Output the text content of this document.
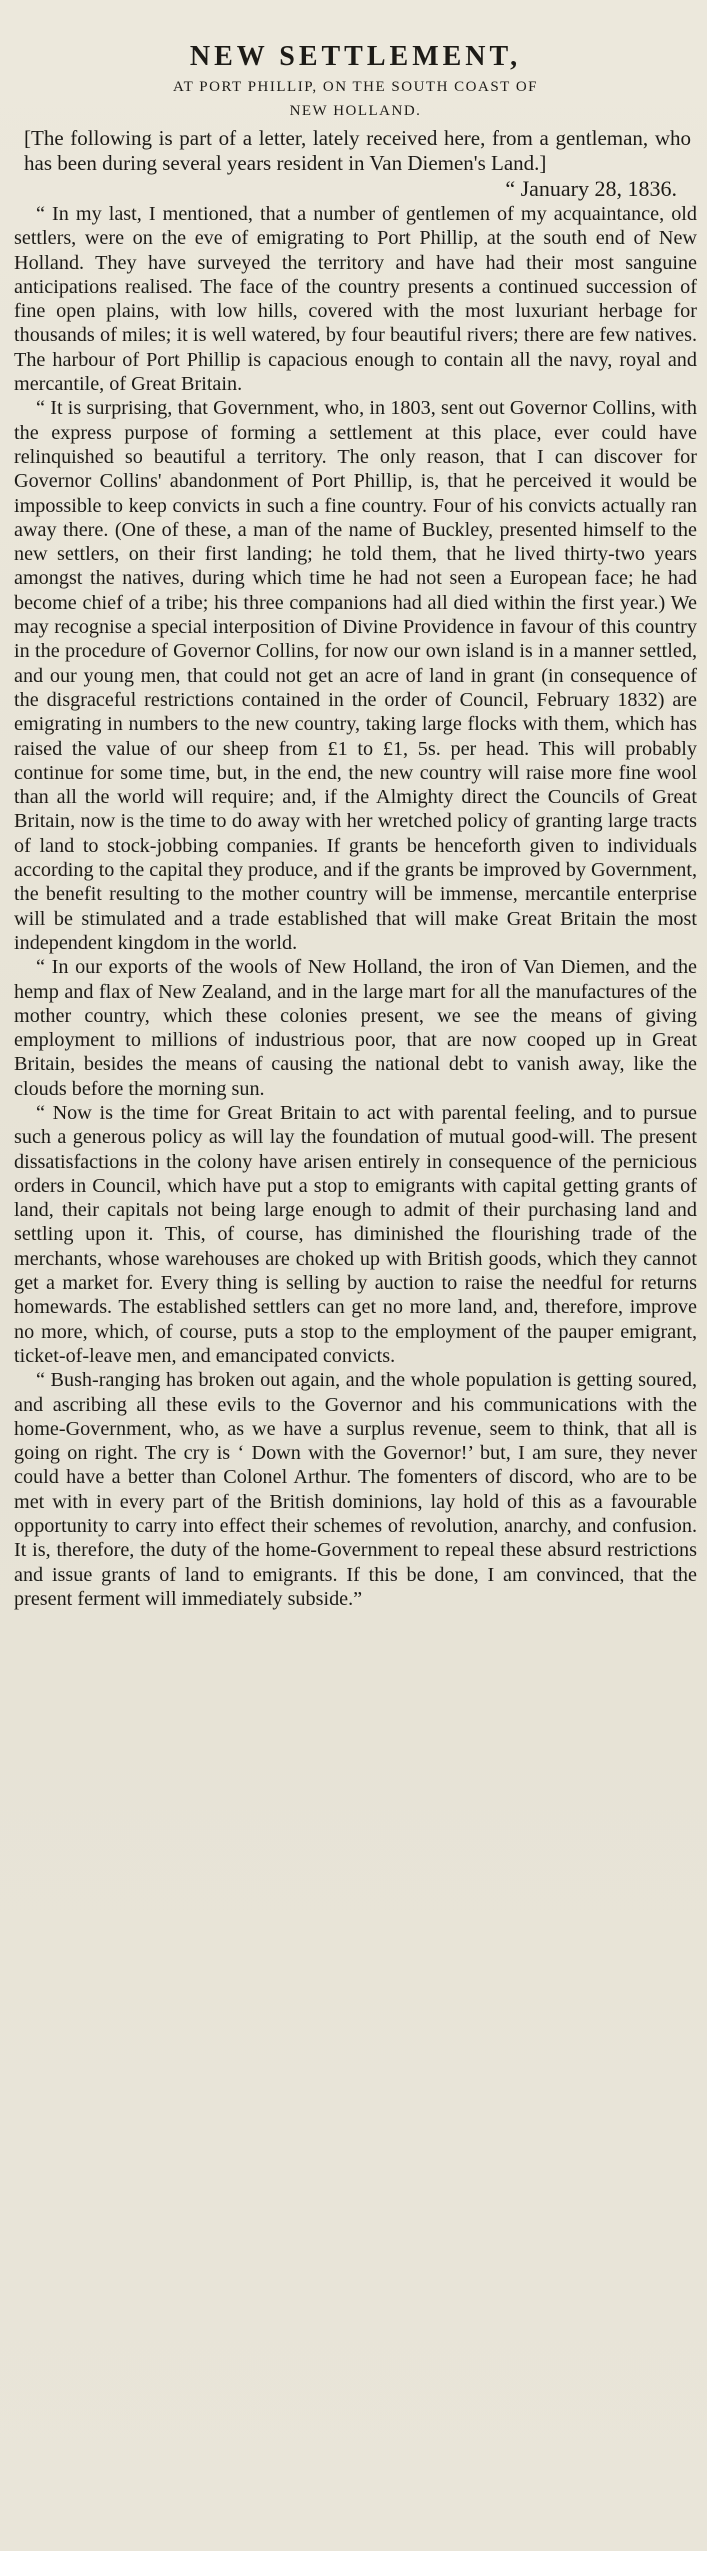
NEW SETTLEMENT,
AT PORT PHILLIP, ON THE SOUTH COAST OF
NEW HOLLAND.

[The following is part of a letter, lately received here, from a gentleman, who has been during several years resident in Van Diemen's Land.]

“ January 28, 1836.

“ In my last, I mentioned, that a number of gentlemen of my acquaintance, old settlers, were on the eve of emigrating to Port Phillip, at the south end of New Holland. They have surveyed the territory and have had their most sanguine anticipations realised. The face of the country presents a continued succession of fine open plains, with low hills, covered with the most luxuriant herbage for thousands of miles; it is well watered, by four beautiful rivers; there are few natives. The harbour of Port Phillip is capacious enough to contain all the navy, royal and mercantile, of Great Britain.

“ It is surprising, that Government, who, in 1803, sent out Governor Collins, with the express purpose of forming a settlement at this place, ever could have relinquished so beautiful a territory. The only reason, that I can discover for Governor Collins' abandonment of Port Phillip, is, that he perceived it would be impossible to keep convicts in such a fine country. Four of his convicts actually ran away there. (One of these, a man of the name of Buckley, presented himself to the new settlers, on their first landing; he told them, that he lived thirty-two years amongst the natives, during which time he had not seen a European face; he had become chief of a tribe; his three companions had all died within the first year.) We may recognise a special interposition of Divine Providence in favour of this country in the procedure of Governor Collins, for now our own island is in a manner settled, and our young men, that could not get an acre of land in grant (in consequence of the disgraceful restrictions contained in the order of Council, February 1832) are emigrating in numbers to the new country, taking large flocks with them, which has raised the value of our sheep from £1 to £1, 5s. per head. This will probably continue for some time, but, in the end, the new country will raise more fine wool than all the world will require; and, if the Almighty direct the Councils of Great Britain, now is the time to do away with her wretched policy of granting large tracts of land to stock-jobbing companies. If grants be henceforth given to individuals according to the capital they produce, and if the grants be improved by Government, the benefit resulting to the mother country will be immense, mercantile enterprise will be stimulated and a trade established that will make Great Britain the most independent kingdom in the world.

“ In our exports of the wools of New Holland, the iron of Van Diemen, and the hemp and flax of New Zealand, and in the large mart for all the manufactures of the mother country, which these colonies present, we see the means of giving employment to millions of industrious poor, that are now cooped up in Great Britain, besides the means of causing the national debt to vanish away, like the clouds before the morning sun.

“ Now is the time for Great Britain to act with parental feeling, and to pursue such a generous policy as will lay the foundation of mutual good-will. The present dissatisfactions in the colony have arisen entirely in consequence of the pernicious orders in Council, which have put a stop to emigrants with capital getting grants of land, their capitals not being large enough to admit of their purchasing land and settling upon it. This, of course, has diminished the flourishing trade of the merchants, whose warehouses are choked up with British goods, which they cannot get a market for. Every thing is selling by auction to raise the needful for returns homewards. The established settlers can get no more land, and, therefore, improve no more, which, of course, puts a stop to the employment of the pauper emigrant, ticket-of-leave men, and emancipated convicts.

“ Bush-ranging has broken out again, and the whole population is getting soured, and ascribing all these evils to the Governor and his communications with the home-Government, who, as we have a surplus revenue, seem to think, that all is going on right. The cry is ‘ Down with the Governor!’ but, I am sure, they never could have a better than Colonel Arthur. The fomenters of discord, who are to be met with in every part of the British dominions, lay hold of this as a favourable opportunity to carry into effect their schemes of revolution, anarchy, and confusion. It is, therefore, the duty of the home-Government to repeal these absurd restrictions and issue grants of land to emigrants. If this be done, I am convinced, that the present ferment will immediately subside.”
